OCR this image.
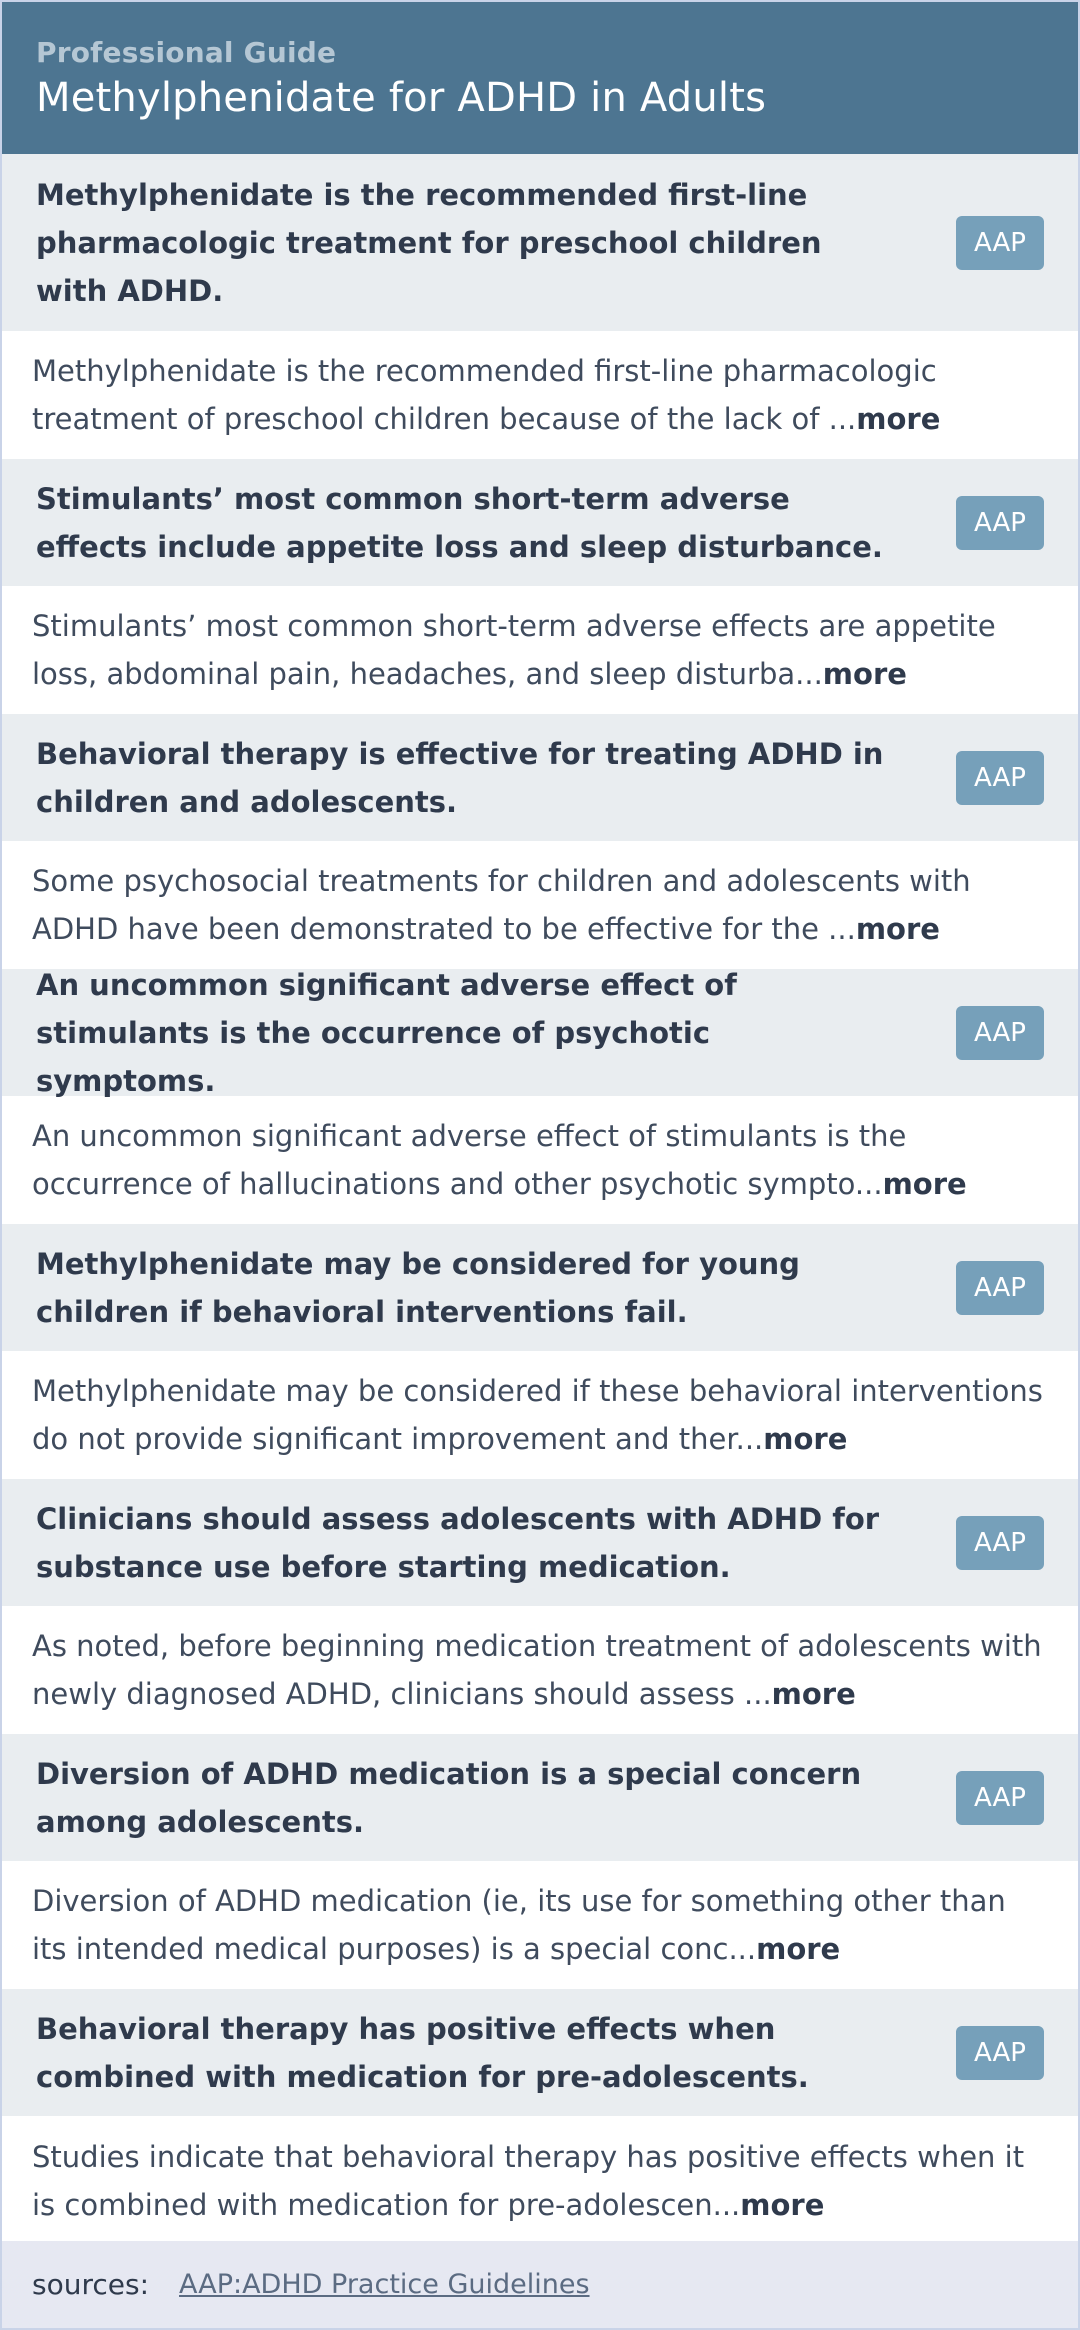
Professional Guide
Methylphenidate for ADHD in Adults
Methylphenidate is the recommended first-line pharmacologic treatment for preschool children with ADHD.
AAP
Methylphenidate is the recommended first-line pharmacologic treatment of preschool children because of the lack of ...more
Stimulants’ most common short-term adverse effects include appetite loss and sleep disturbance.
AAP
Stimulants’ most common short-term adverse effects are appetite loss, abdominal pain, headaches, and sleep disturba...more
Behavioral therapy is effective for treating ADHD in children and adolescents.
AAP
Some psychosocial treatments for children and adolescents with ADHD have been demonstrated to be effective for the ...more
An uncommon significant adverse effect of stimulants is the occurrence of psychotic symptoms.
AAP
An uncommon significant adverse effect of stimulants is the occurrence of hallucinations and other psychotic sympto...more
Methylphenidate may be considered for young children if behavioral interventions fail.
AAP
Methylphenidate may be considered if these behavioral interventions do not provide significant improvement and ther...more
Clinicians should assess adolescents with ADHD for substance use before starting medication.
AAP
As noted, before beginning medication treatment of adolescents with newly diagnosed ADHD, clinicians should assess ...more
Diversion of ADHD medication is a special concern among adolescents.
AAP
Diversion of ADHD medication (ie, its use for something other than its intended medical purposes) is a special conc...more
Behavioral therapy has positive effects when combined with medication for pre-adolescents.
AAP
Studies indicate that behavioral therapy has positive effects when it is combined with medication for pre-adolescen...more
sources: AAP:ADHD Practice Guidelines
